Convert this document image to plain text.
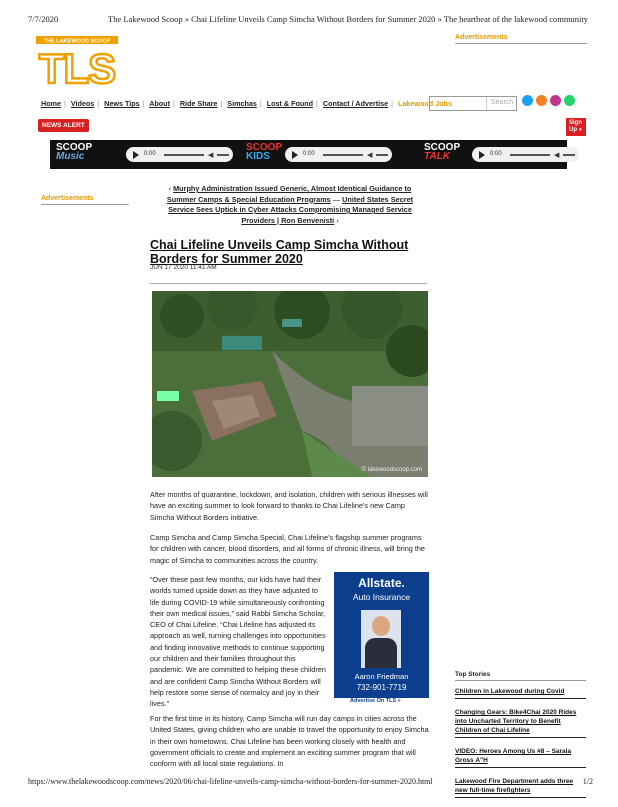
7/7/2020	The Lakewood Scoop » Chai Lifeline Unveils Camp Simcha Without Borders for Summer 2020 » The heartbeat of the lakewood community
THE LAKEWOOD SCOOP
TLS
Advertisements
Home | Videos | News Tips | About | Ride Share | Simchas | Lost & Found | Contact / Advertise | Lakewood Jobs	Search
NEWS ALERT	Sign Up »
SCOOP
Music	0:00	◀
SCOOP
KIDS	0:00	◀
SCOOP
TALK	0:00	◀
Advertisements
‹ Murphy Administration Issued Generic, Almost Identical Guidance to Summer Camps & Special Education Programs — United States Secret Service Sees Uptick in Cyber Attacks Compromising Managed Service Providers | Ron Benvenisti ›
Chai Lifeline Unveils Camp Simcha Without Borders for Summer 2020
JUN 17 2020 11:41 AM
© lakewoodscoop.com

After months of quarantine, lockdown, and isolation, children with serious illnesses will have an exciting summer to look forward to thanks to Chai Lifeline’s new Camp Simcha Without Borders initiative.

Camp Simcha and Camp Simcha Special, Chai Lifeline’s flagship summer programs for children with cancer, blood disorders, and all forms of chronic illness, will bring the magic of Simcha to communities across the country.

“Over these past few months, our kids have had their worlds turned upside down as they have adjusted to life during COVID-19 while simultaneously confronting their own medical issues,” said Rabbi Simcha Scholar, CEO of Chai Lifeline. “Chai Lifeline has adjusted its approach as well, turning challenges into opportunities and finding innovative methods to continue supporting our children and their families throughout this pandemic. We are committed to helping these children and are confident Camp Simcha Without Borders will help restore some sense of normalcy and joy in their lives.”

Allstate.
Auto Insurance
Aaron Friedman
732-901-7719
Advertise On TLS »

For the first time in its history, Camp Simcha will run day camps in cities across the United States, giving children who are unable to travel the opportunity to enjoy Simcha in their own hometowns. Chai Lifeline has been working closely with health and government officials to create and implement an exciting summer program that will conform with all local state regulations. In

Top Stories
Children in Lakewood during Covid
Changing Gears: Bike4Chai 2020 Rides into Uncharted Territory to Benefit Children of Chai Lifeline
VIDEO: Heroes Among Us #8 – Sarala Gross A"H
Lakewood Fire Department adds three new full-time firefighters
https://www.thelakewoodscoop.com/news/2020/06/chai-lifeline-unveils-camp-simcha-without-borders-for-summer-2020.html	1/2
